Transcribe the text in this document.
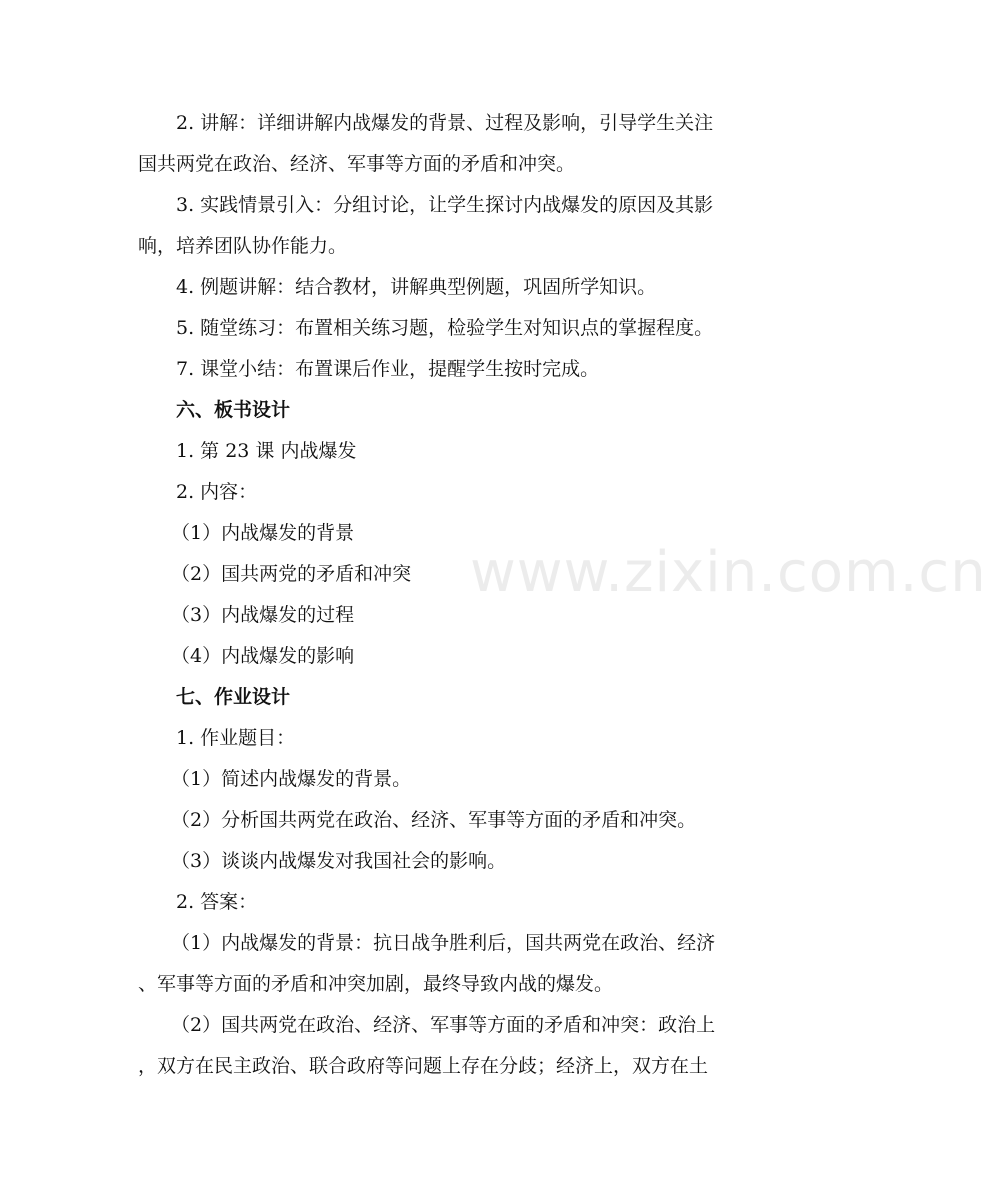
2. 讲解：详细讲解内战爆发的背景、过程及影响，引导学生关注

国共两党在政治、经济、军事等方面的矛盾和冲突。

3. 实践情景引入：分组讨论，让学生探讨内战爆发的原因及其影

响，培养团队协作能力。

4. 例题讲解：结合教材，讲解典型例题，巩固所学知识。

5. 随堂练习：布置相关练习题，检验学生对知识点的掌握程度。

7. 课堂小结：布置课后作业，提醒学生按时完成。

六、板书设计

1. 第 23 课 内战爆发

2. 内容：

（1）内战爆发的背景

（2）国共两党的矛盾和冲突

（3）内战爆发的过程

（4）内战爆发的影响

七、作业设计

1. 作业题目：

（1）简述内战爆发的背景。

（2）分析国共两党在政治、经济、军事等方面的矛盾和冲突。

（3）谈谈内战爆发对我国社会的影响。

2. 答案：

（1）内战爆发的背景：抗日战争胜利后，国共两党在政治、经济

、军事等方面的矛盾和冲突加剧，最终导致内战的爆发。

（2）国共两党在政治、经济、军事等方面的矛盾和冲突：政治上

，双方在民主政治、联合政府等问题上存在分歧；经济上，双方在土

www.zixin.com.cn
